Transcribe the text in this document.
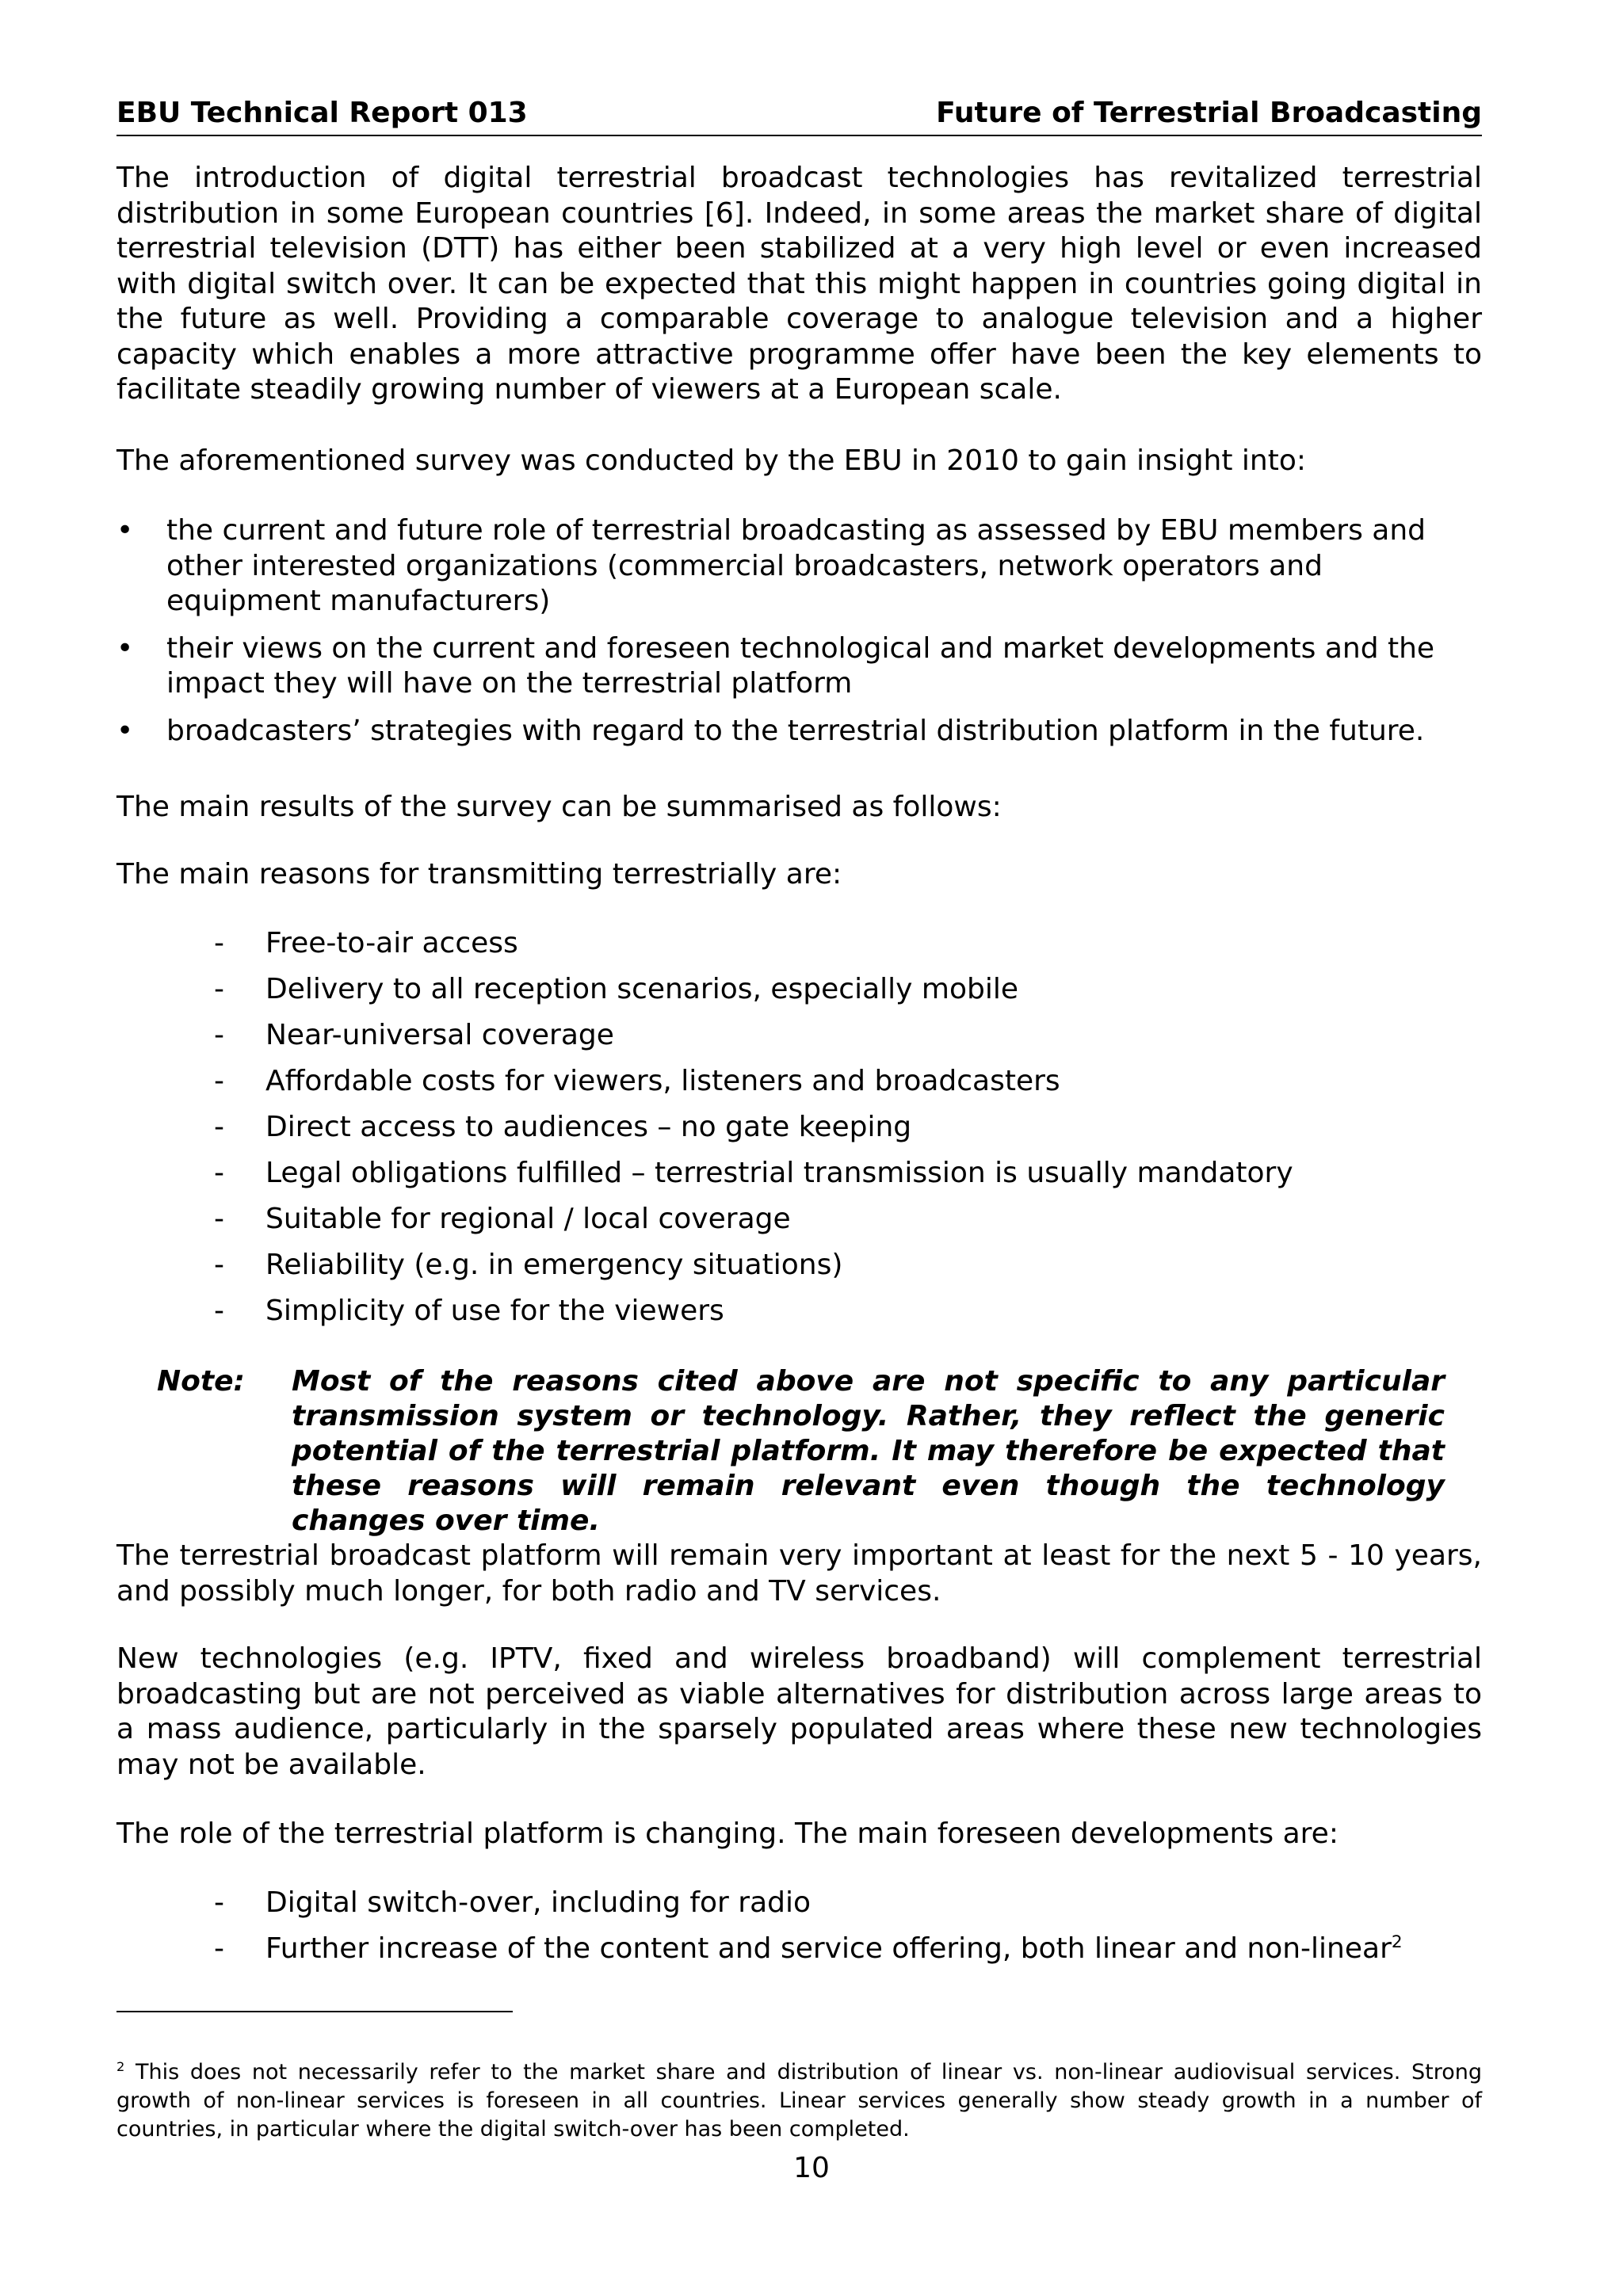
EBU Technical Report 013	Future of Terrestrial Broadcasting

The introduction of digital terrestrial broadcast technologies has revitalized terrestrial distribution in some European countries [6]. Indeed, in some areas the market share of digital terrestrial television (DTT) has either been stabilized at a very high level or even increased with digital switch over. It can be expected that this might happen in countries going digital in the future as well. Providing a comparable coverage to analogue television and a higher capacity which enables a more attractive programme offer have been the key elements to facilitate steadily growing number of viewers at a European scale.

The aforementioned survey was conducted by the EBU in 2010 to gain insight into:

• the current and future role of terrestrial broadcasting as assessed by EBU members and other interested organizations (commercial broadcasters, network operators and equipment manufacturers)
• their views on the current and foreseen technological and market developments and the impact they will have on the terrestrial platform
• broadcasters’ strategies with regard to the terrestrial distribution platform in the future.

The main results of the survey can be summarised as follows:

The main reasons for transmitting terrestrially are:

- Free-to-air access
- Delivery to all reception scenarios, especially mobile
- Near-universal coverage
- Affordable costs for viewers, listeners and broadcasters
- Direct access to audiences – no gate keeping
- Legal obligations fulfilled – terrestrial transmission is usually mandatory
- Suitable for regional / local coverage
- Reliability (e.g. in emergency situations)
- Simplicity of use for the viewers
Note: Most of the reasons cited above are not specific to any particular transmission system or technology. Rather, they reflect the generic potential of the terrestrial platform. It may therefore be expected that these reasons will remain relevant even though the technology changes over time.

The terrestrial broadcast platform will remain very important at least for the next 5 - 10 years, and possibly much longer, for both radio and TV services.

New technologies (e.g. IPTV, fixed and wireless broadband) will complement terrestrial broadcasting but are not perceived as viable alternatives for distribution across large areas to a mass audience, particularly in the sparsely populated areas where these new technologies may not be available.

The role of the terrestrial platform is changing. The main foreseen developments are:

- Digital switch-over, including for radio
- Further increase of the content and service offering, both linear and non-linear$^2$

$^2$ This does not necessarily refer to the market share and distribution of linear vs. non-linear audiovisual services. Strong growth of non-linear services is foreseen in all countries. Linear services generally show steady growth in a number of countries, in particular where the digital switch-over has been completed.

10
